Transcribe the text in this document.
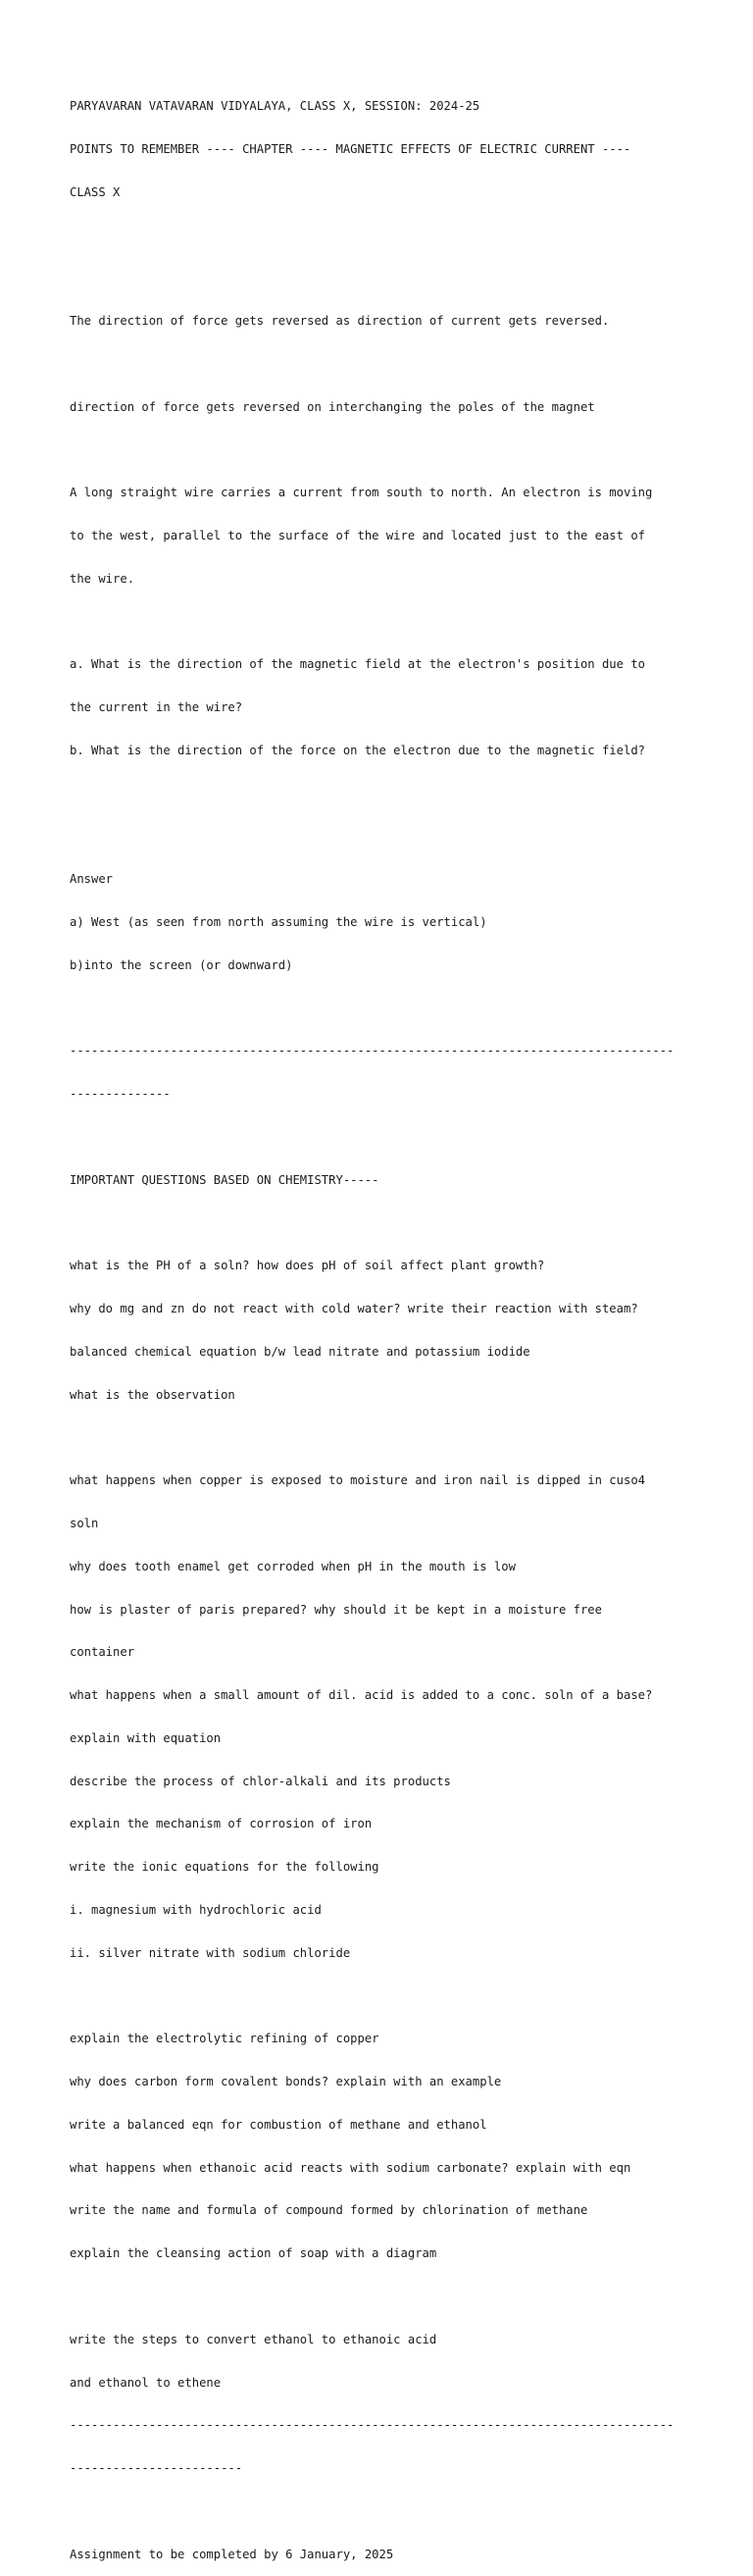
PARYAVARAN VATAVARAN VIDYALAYA, CLASS X, SESSION: 2024-25

POINTS TO REMEMBER ---- CHAPTER ---- MAGNETIC EFFECTS OF ELECTRIC CURRENT ----

CLASS X

The direction of force gets reversed as direction of current gets reversed.

direction of force gets reversed on interchanging the poles of the magnet

A long straight wire carries a current from south to north. An electron is moving

to the west, parallel to the surface of the wire and located just to the east of

the wire.

a. What is the direction of the magnetic field at the electron's position due to

the current in the wire?

b. What is the direction of the force on the electron due to the magnetic field?

Answer

a) West (as seen from north assuming the wire is vertical)

b)into the screen (or downward)

------------------------------------------------------------------------------------

--------------

IMPORTANT QUESTIONS BASED ON CHEMISTRY-----

what is the PH of a soln? how does pH of soil affect plant growth?

why do mg and zn do not react with cold water? write their reaction with steam?

balanced chemical equation b/w lead nitrate and potassium iodide

what is the observation

what happens when copper is exposed to moisture and iron nail is dipped in cuso4

soln

why does tooth enamel get corroded when pH in the mouth is low

how is plaster of paris prepared? why should it be kept in a moisture free

container

what happens when a small amount of dil. acid is added to a conc. soln of a base?

explain with equation

describe the process of chlor-alkali and its products

explain the mechanism of corrosion of iron

write the ionic equations for the following

i. magnesium with hydrochloric acid

ii. silver nitrate with sodium chloride

explain the electrolytic refining of copper

why does carbon form covalent bonds? explain with an example

write a balanced eqn for combustion of methane and ethanol

what happens when ethanoic acid reacts with sodium carbonate? explain with eqn

write the name and formula of compound formed by chlorination of methane

explain the cleansing action of soap with a diagram

write the steps to convert ethanol to ethanoic acid

and ethanol to ethene

------------------------------------------------------------------------------------

------------------------

Assignment to be completed by 6 January, 2025
